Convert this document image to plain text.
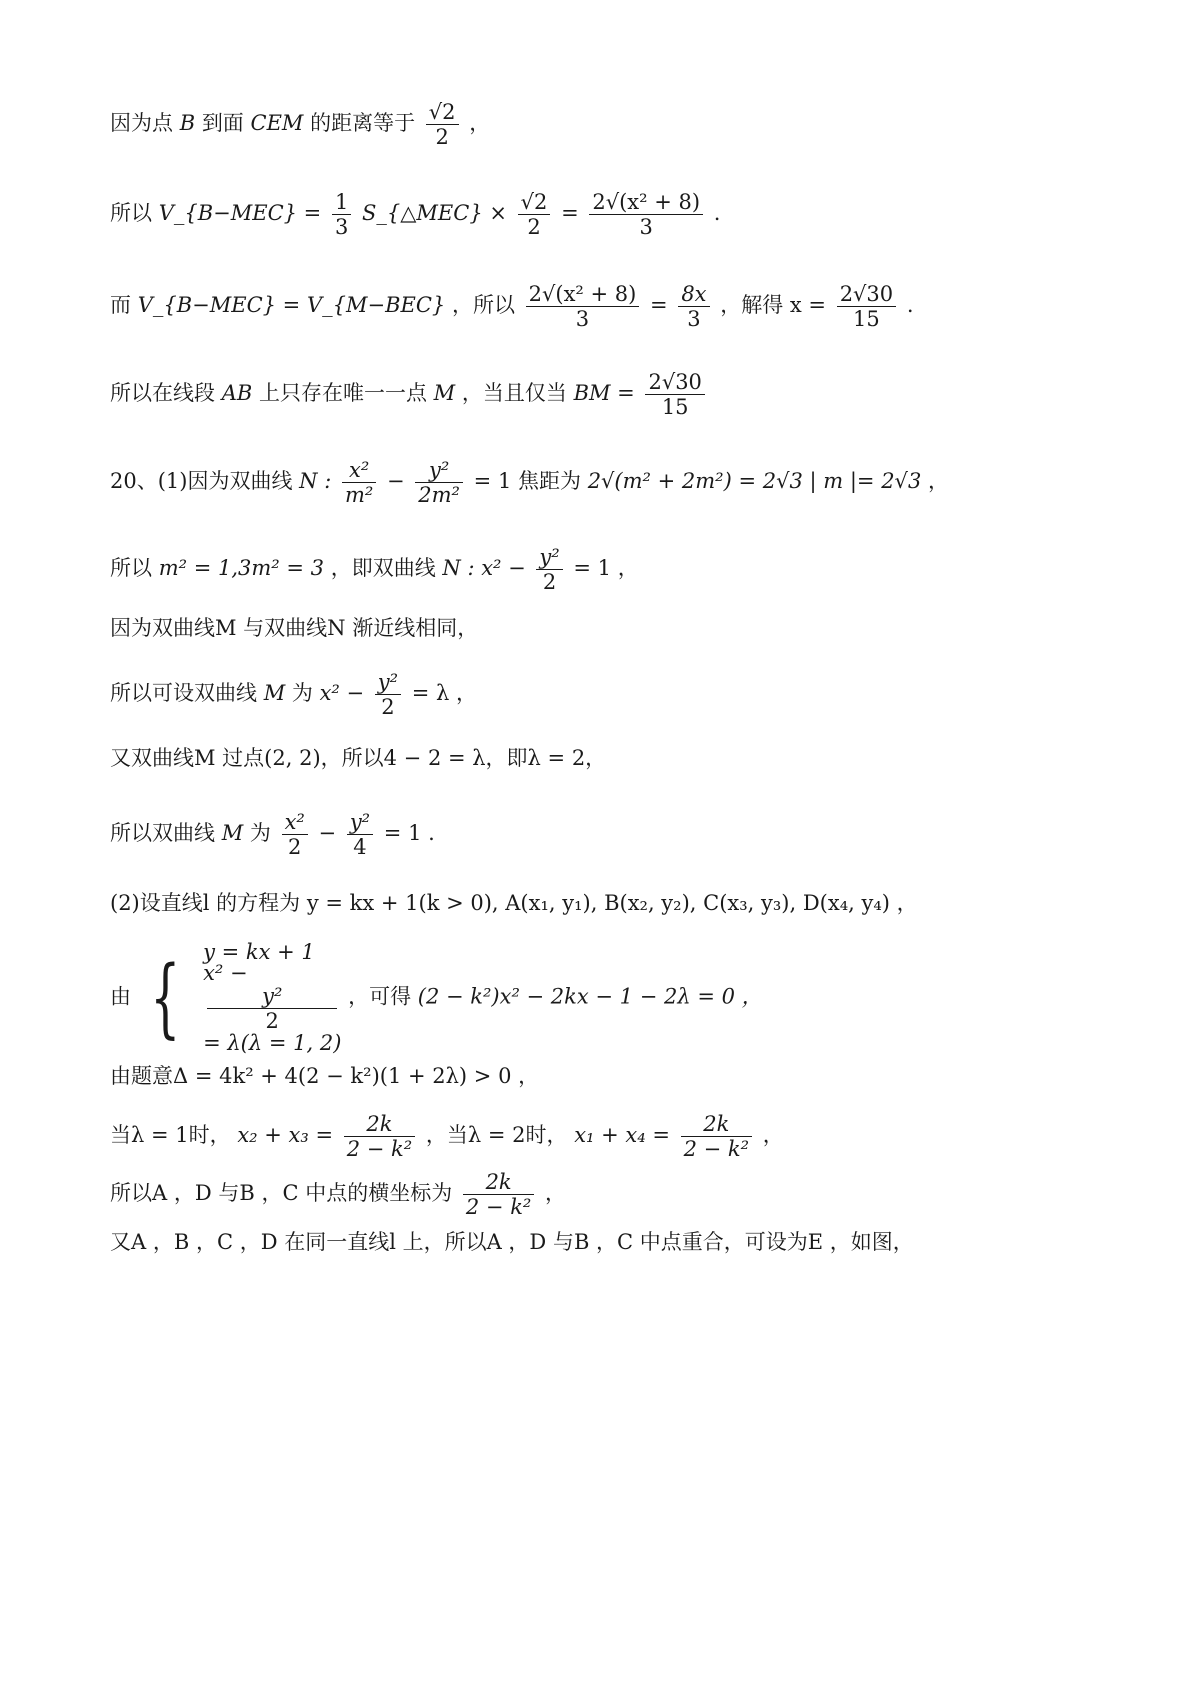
因为点 B 到面 CEM 的距离等于 $\frac{√2}{2}$ ，
所以 V_{B−MEC} = $\frac{1}{3}$ S_{△MEC} × $\frac{√2}{2} = \frac{\text{2√(x² + 8)}}{3}$ .
而 V_{B−MEC} = V_{M−BEC} ，所以 $\frac{\text{2√(x² + 8)}}{3} = \frac{8x}{3}$ ，解得 $x = \frac{2√30}{15}$ .
所以在线段 AB 上只存在唯一一点 M ，当且仅当 BM = $\frac{2√30}{15}$
20、(1)因为双曲线 N : $\frac{\text{x²}}{\text{m²}} - \frac{\text{y²}}{\text{2m²}} = 1$ 焦距为 2√(m² + 2m²) = 2√3 | m |= 2√3 ，
所以 m² = 1,3m² = 3 ，即双曲线 N : $x^2 - \frac{\text{y²}}{2} = 1$ ，
因为双曲线M 与双曲线N 渐近线相同，
所以可设双曲线 M 为 $x^2 - \frac{\text{y²}}{2} = \lambda$ ，
又双曲线M 过点(2, 2)，所以4 − 2 = λ，即λ = 2，
所以双曲线 M 为 $\frac{\text{x²}}{2} - \frac{\text{y²}}{4} = 1$ .
(2)设直线l 的方程为 y = kx + 1(k > 0), A(x₁, y₁), B(x₂, y₂), C(x₃, y₃), D(x₄, y₄) ，
由 { y = kx + 1
x² −
y²
2
= λ(λ = 1, 2)
，可得 (2 − k²)x² − 2kx − 1 − 2λ = 0 ，
由题意Δ = 4k² + 4(2 − k²)(1 + 2λ) > 0 ，
当λ = 1时， $x_2 + x_3 = \frac{2k}{\text{2 − k²}}$ ，当λ = 2时， $x_1 + x_4 = \frac{2k}{\text{2 − k²}}$ ，
所以A ，D 与B ，C 中点的横坐标为 $\frac{2k}{\text{2 − k²}}$ ，
又A ，B ，C ，D 在同一直线l 上，所以A ，D 与B ，C 中点重合，可设为E ，如图，
